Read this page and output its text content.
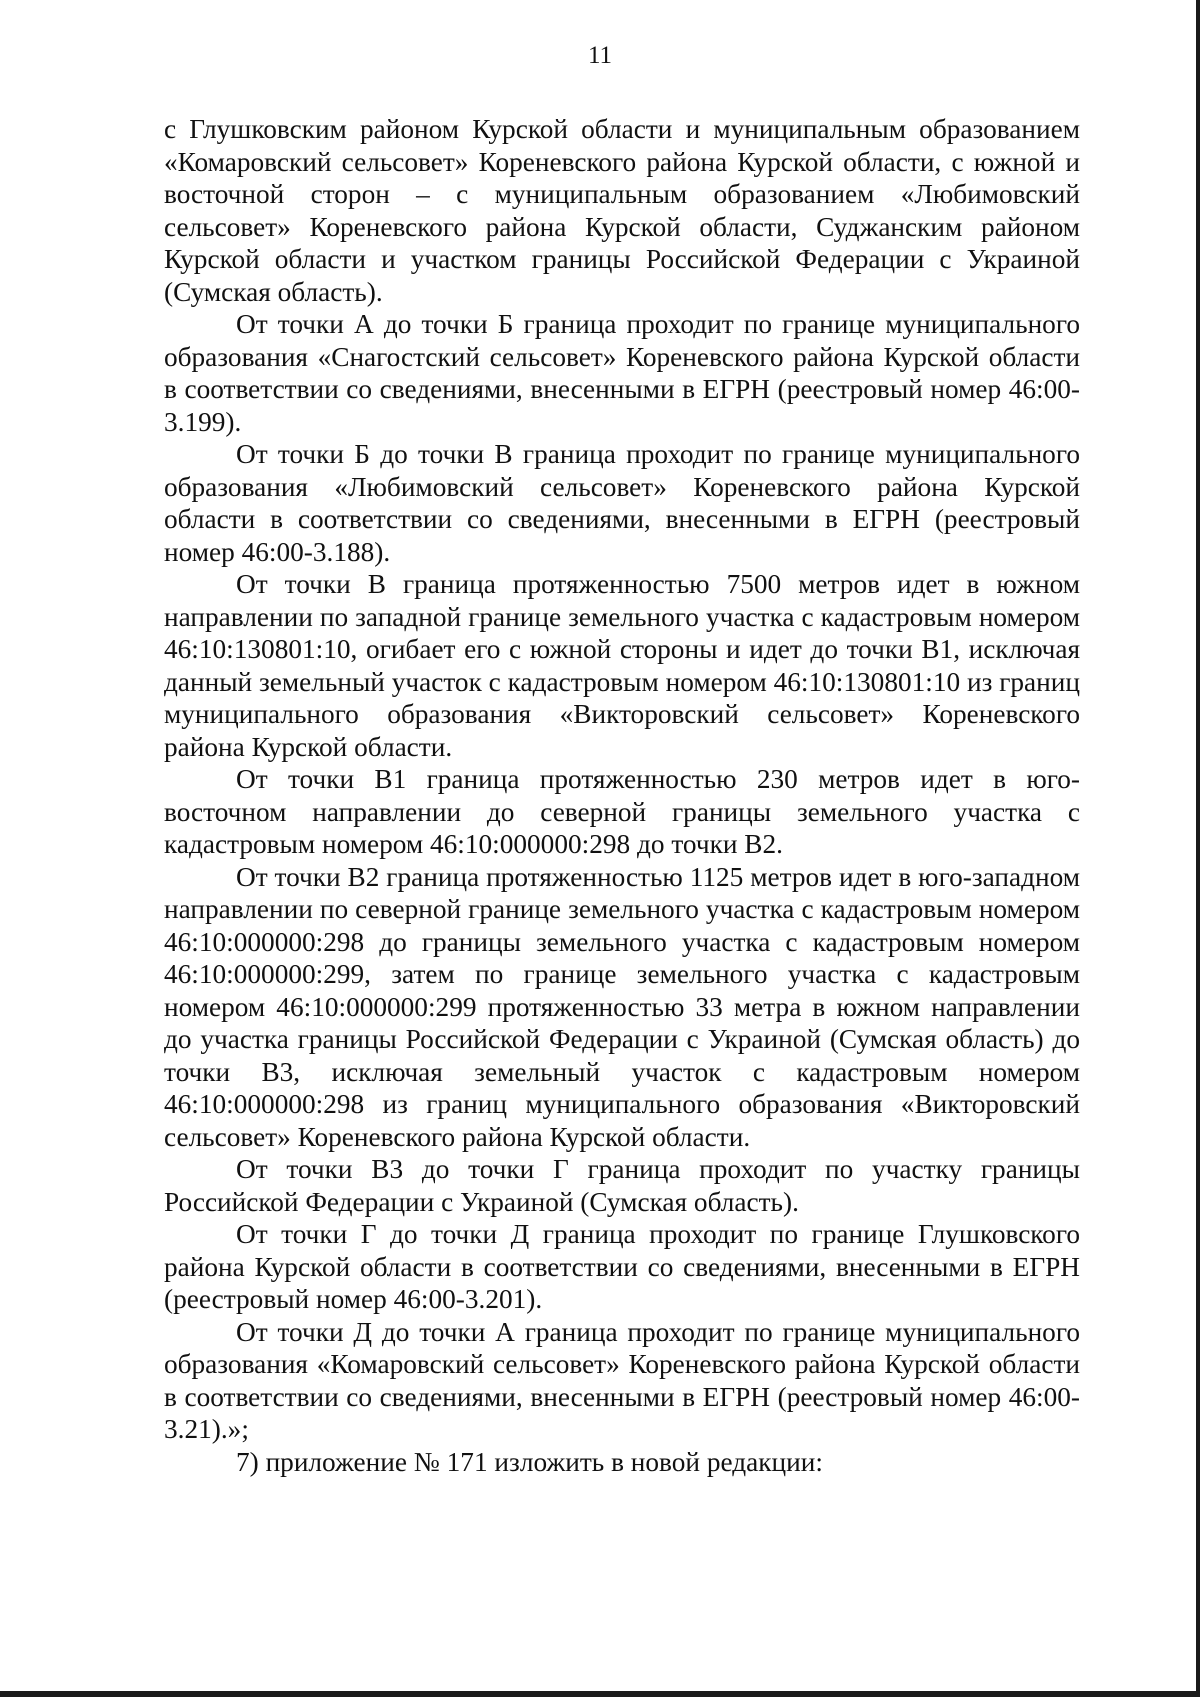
11

с Глушковским районом Курской области и муниципальным образованием «Комаровский сельсовет» Кореневского района Курской области, с южной и восточной сторон – с муниципальным образованием «Любимовский сельсовет» Кореневского района Курской области, Суджанским районом Курской области и участком границы Российской Федерации с Украиной (Сумская область).

От точки А до точки Б граница проходит по границе муниципального образования «Снагостский сельсовет» Кореневского района Курской области в соответствии со сведениями, внесенными в ЕГРН (реестровый номер 46:00-3.199).

От точки Б до точки В граница проходит по границе муниципального образования «Любимовский сельсовет» Кореневского района Курской области в соответствии со сведениями, внесенными в ЕГРН (реестровый номер 46:00-3.188).

От точки В граница протяженностью 7500 метров идет в южном направлении по западной границе земельного участка с кадастровым номером 46:10:130801:10, огибает его с южной стороны и идет до точки В1, исключая данный земельный участок с кадастровым номером 46:10:130801:10 из границ муниципального образования «Викторовский сельсовет» Кореневского района Курской области.

От точки В1 граница протяженностью 230 метров идет в юго-восточном направлении до северной границы земельного участка с кадастровым номером 46:10:000000:298 до точки В2.

От точки В2 граница протяженностью 1125 метров идет в юго-западном направлении по северной границе земельного участка с кадастровым номером 46:10:000000:298 до границы земельного участка с кадастровым номером 46:10:000000:299, затем по границе земельного участка с кадастровым номером 46:10:000000:299 протяженностью 33 метра в южном направлении до участка границы Российской Федерации с Украиной (Сумская область) до точки В3, исключая земельный участок с кадастровым номером 46:10:000000:298 из границ муниципального образования «Викторовский сельсовет» Кореневского района Курской области.

От точки В3 до точки Г граница проходит по участку границы Российской Федерации с Украиной (Сумская область).

От точки Г до точки Д граница проходит по границе Глушковского района Курской области в соответствии со сведениями, внесенными в ЕГРН (реестровый номер 46:00-3.201).

От точки Д до точки А граница проходит по границе муниципального образования «Комаровский сельсовет» Кореневского района Курской области в соответствии со сведениями, внесенными в ЕГРН (реестровый номер 46:00-3.21).»;

7) приложение № 171 изложить в новой редакции:
